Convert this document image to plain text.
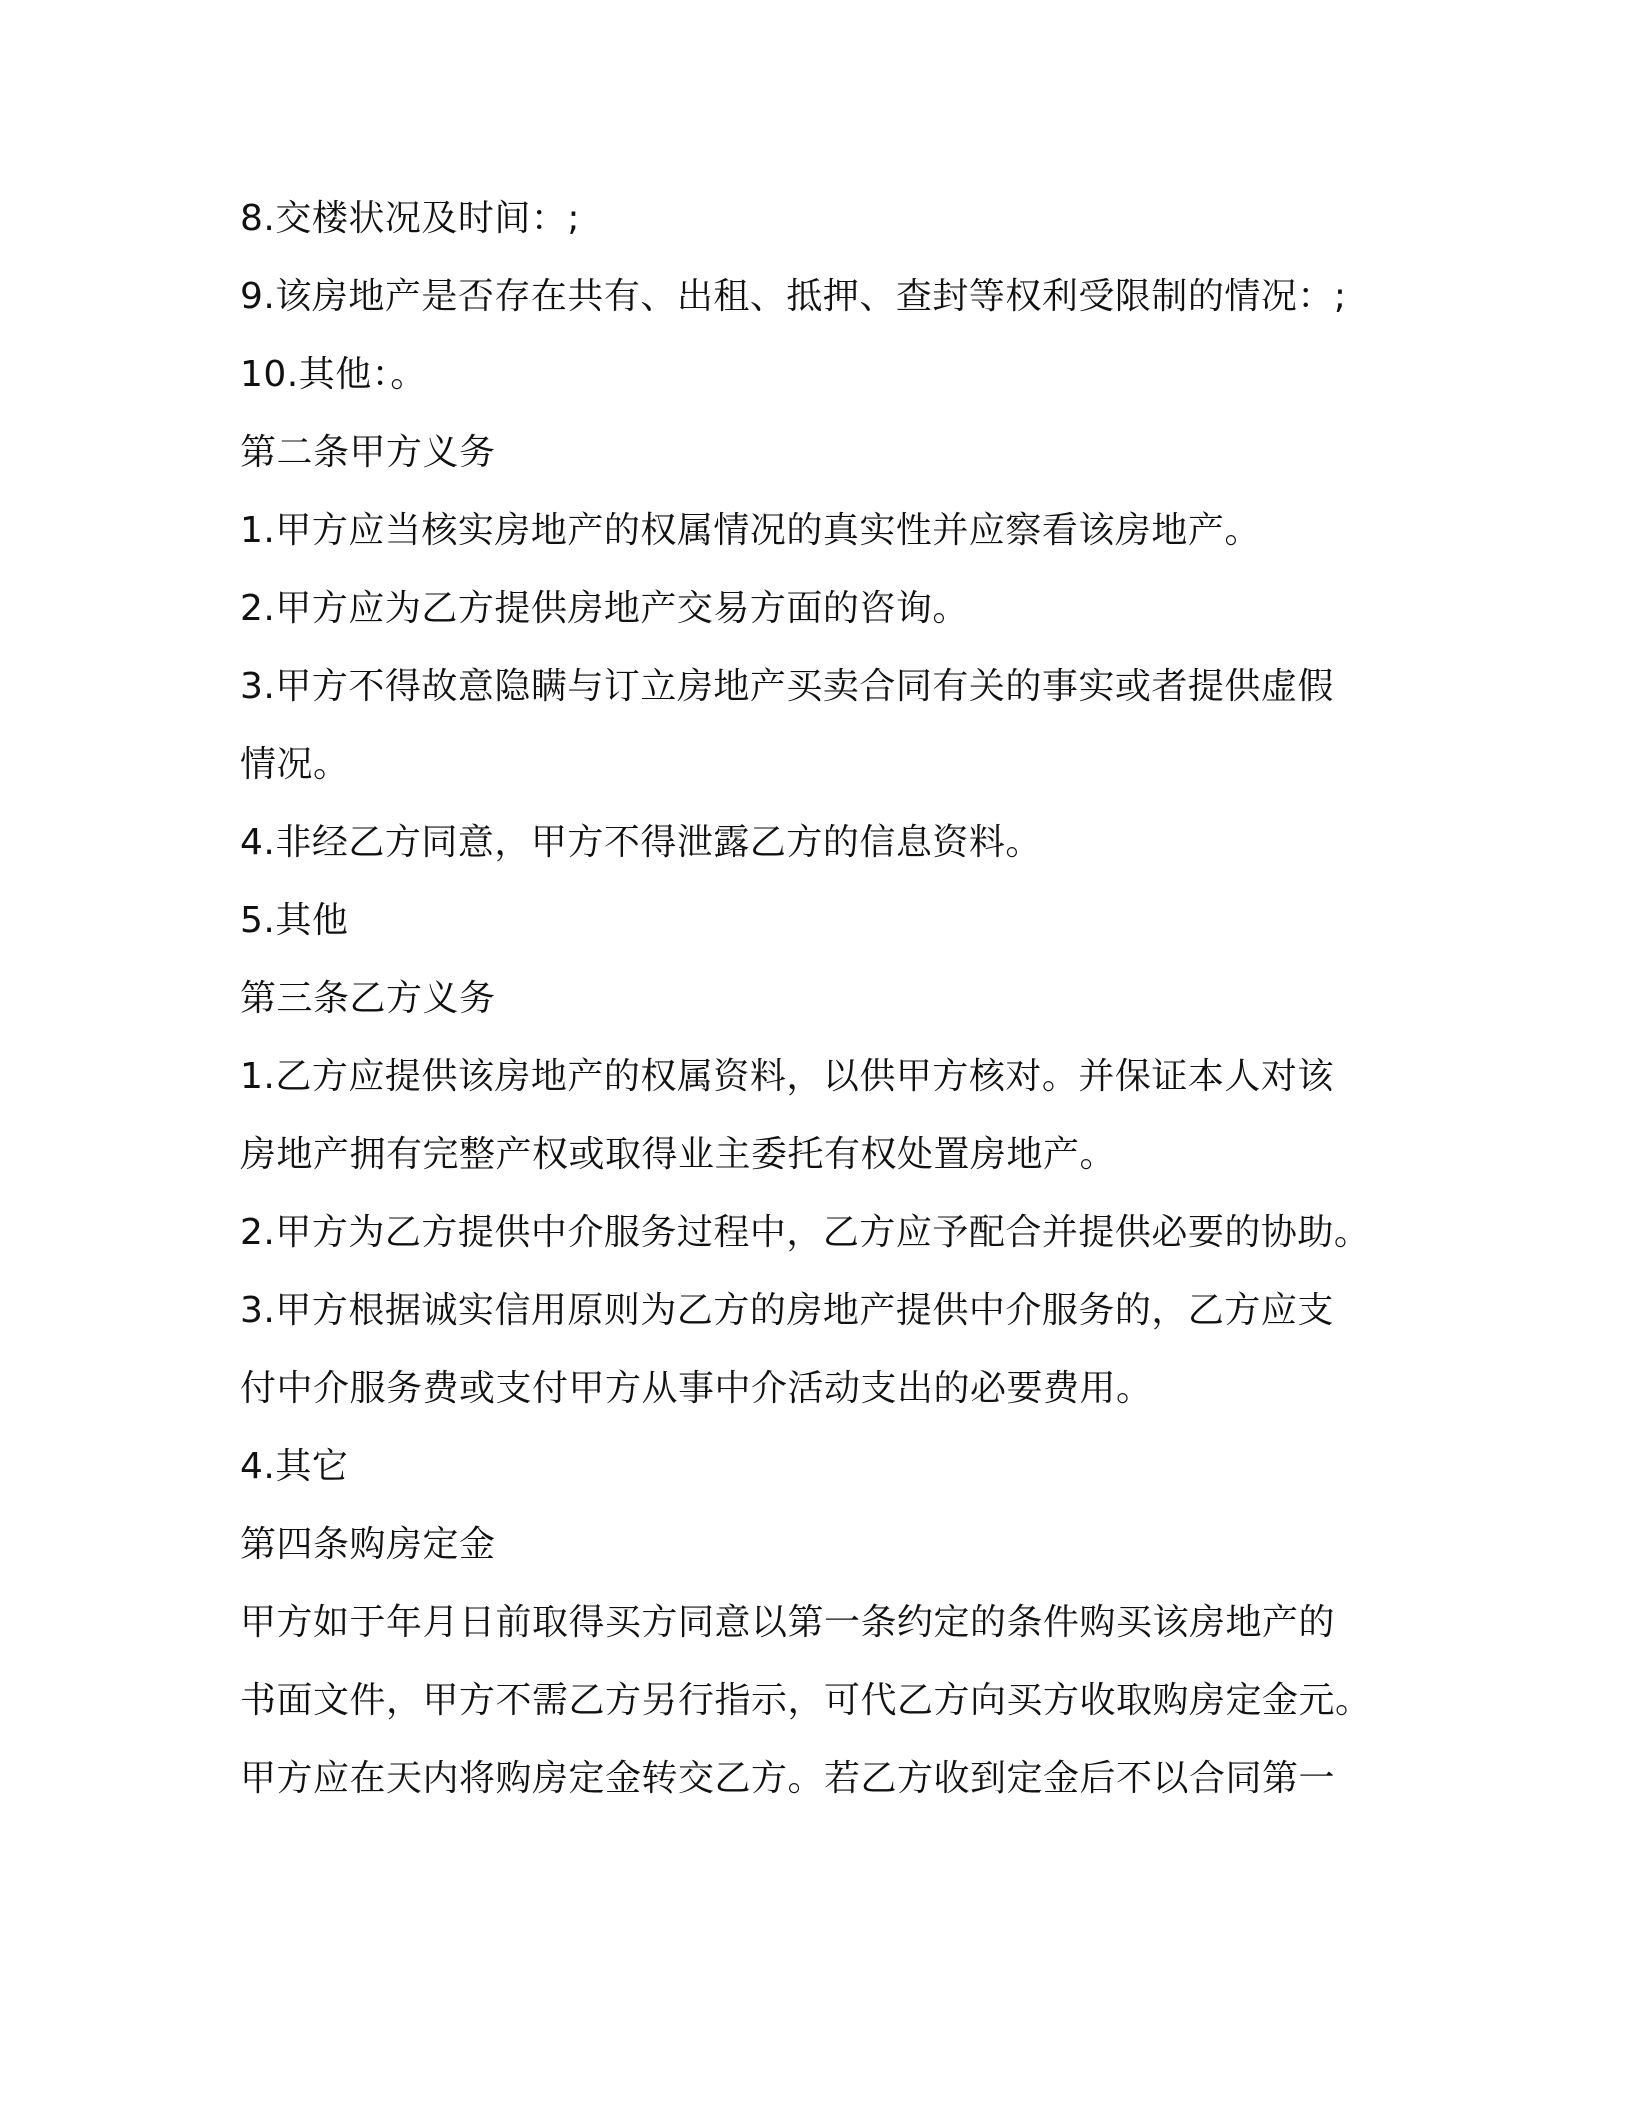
8.交楼状况及时间：;
9.该房地产是否存在共有、出租、抵押、查封等权利受限制的情况：;
10.其他：。
第二条甲方义务
1.甲方应当核实房地产的权属情况的真实性并应察看该房地产。
2.甲方应为乙方提供房地产交易方面的咨询。
3.甲方不得故意隐瞒与订立房地产买卖合同有关的事实或者提供虚假
情况。
4.非经乙方同意，甲方不得泄露乙方的信息资料。
5.其他
第三条乙方义务
1.乙方应提供该房地产的权属资料，以供甲方核对。并保证本人对该
房地产拥有完整产权或取得业主委托有权处置房地产。
2.甲方为乙方提供中介服务过程中，乙方应予配合并提供必要的协助。
3.甲方根据诚实信用原则为乙方的房地产提供中介服务的，乙方应支
付中介服务费或支付甲方从事中介活动支出的必要费用。
4.其它
第四条购房定金
甲方如于年月日前取得买方同意以第一条约定的条件购买该房地产的
书面文件，甲方不需乙方另行指示，可代乙方向买方收取购房定金元。
甲方应在天内将购房定金转交乙方。若乙方收到定金后不以合同第一
